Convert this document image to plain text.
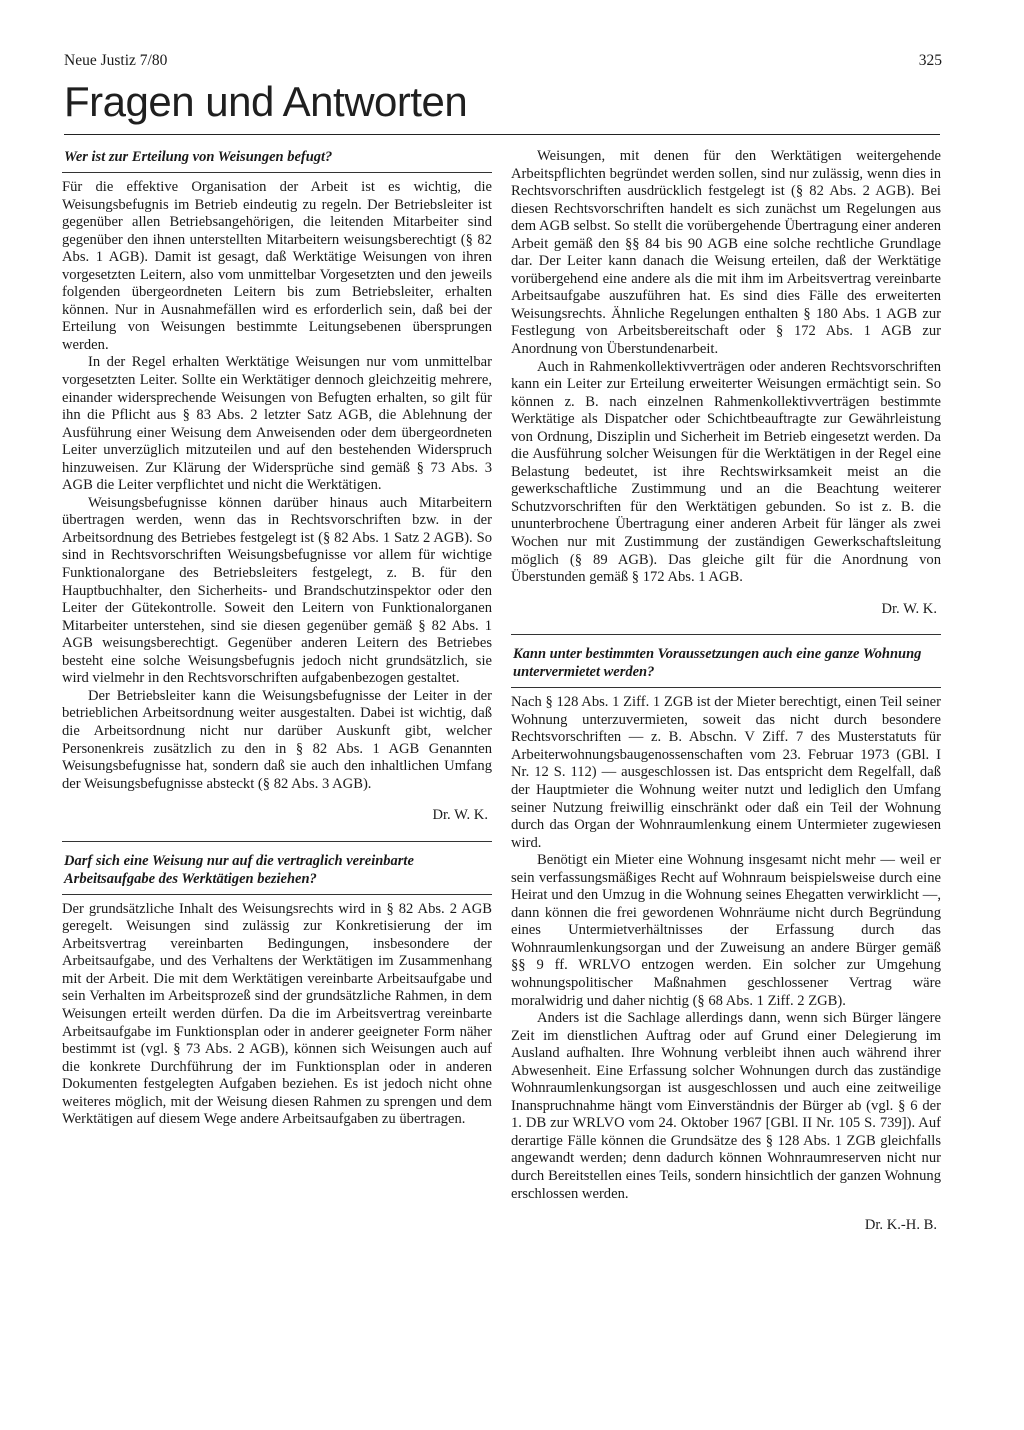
Neue Justiz 7/80	325
Fragen und Antworten
Wer ist zur Erteilung von Weisungen befugt?

Für die effektive Organisation der Arbeit ist es wichtig, die Weisungsbefugnis im Betrieb eindeutig zu regeln. Der Betriebsleiter ist gegenüber allen Betriebsangehörigen, die leitenden Mitarbeiter sind gegenüber den ihnen unterstellten Mitarbeitern weisungsberechtigt (§ 82 Abs. 1 AGB). Damit ist gesagt, daß Werktätige Weisungen von ihren vorgesetzten Leitern, also vom unmittelbar Vorgesetzten und den jeweils folgenden übergeordneten Leitern bis zum Betriebsleiter, erhalten können. Nur in Ausnahmefällen wird es erforderlich sein, daß bei der Erteilung von Weisungen bestimmte Leitungsebenen übersprungen werden.

In der Regel erhalten Werktätige Weisungen nur vom unmittelbar vorgesetzten Leiter. Sollte ein Werktätiger dennoch gleichzeitig mehrere, einander widersprechende Weisungen von Befugten erhalten, so gilt für ihn die Pflicht aus § 83 Abs. 2 letzter Satz AGB, die Ablehnung der Ausführung einer Weisung dem Anweisenden oder dem übergeordneten Leiter unverzüglich mitzuteilen und auf den bestehenden Widerspruch hinzuweisen. Zur Klärung der Widersprüche sind gemäß § 73 Abs. 3 AGB die Leiter verpflichtet und nicht die Werktätigen.

Weisungsbefugnisse können darüber hinaus auch Mitarbeitern übertragen werden, wenn das in Rechtsvorschriften bzw. in der Arbeitsordnung des Betriebes festgelegt ist (§ 82 Abs. 1 Satz 2 AGB). So sind in Rechtsvorschriften Weisungsbefugnisse vor allem für wichtige Funktionalorgane des Betriebsleiters festgelegt, z. B. für den Hauptbuchhalter, den Sicherheits- und Brandschutzinspektor oder den Leiter der Gütekontrolle. Soweit den Leitern von Funktionalorganen Mitarbeiter unterstehen, sind sie diesen gegenüber gemäß § 82 Abs. 1 AGB weisungsberechtigt. Gegenüber anderen Leitern des Betriebes besteht eine solche Weisungsbefugnis jedoch nicht grundsätzlich, sie wird vielmehr in den Rechtsvorschriften aufgabenbezogen gestaltet.

Der Betriebsleiter kann die Weisungsbefugnisse der Leiter in der betrieblichen Arbeitsordnung weiter ausgestalten. Dabei ist wichtig, daß die Arbeitsordnung nicht nur darüber Auskunft gibt, welcher Personenkreis zusätzlich zu den in § 82 Abs. 1 AGB Genannten Weisungsbefugnisse hat, sondern daß sie auch den inhaltlichen Umfang der Weisungsbefugnisse absteckt (§ 82 Abs. 3 AGB).

Dr. W. K.
Darf sich eine Weisung nur auf die vertraglich vereinbarte Arbeitsaufgabe des Werktätigen beziehen?

Der grundsätzliche Inhalt des Weisungsrechts wird in § 82 Abs. 2 AGB geregelt. Weisungen sind zulässig zur Konkretisierung der im Arbeitsvertrag vereinbarten Bedingungen, insbesondere der Arbeitsaufgabe, und des Verhaltens der Werktätigen im Zusammenhang mit der Arbeit. Die mit dem Werktätigen vereinbarte Arbeitsaufgabe und sein Verhalten im Arbeitsprozeß sind der grundsätzliche Rahmen, in dem Weisungen erteilt werden dürfen. Da die im Arbeitsvertrag vereinbarte Arbeitsaufgabe im Funktionsplan oder in anderer geeigneter Form näher bestimmt ist (vgl. § 73 Abs. 2 AGB), können sich Weisungen auch auf die konkrete Durchführung der im Funktionsplan oder in anderen Dokumenten festgelegten Aufgaben beziehen. Es ist jedoch nicht ohne weiteres möglich, mit der Weisung diesen Rahmen zu sprengen und dem Werktätigen auf diesem Wege andere Arbeitsaufgaben zu übertragen.

Weisungen, mit denen für den Werktätigen weitergehende Arbeitspflichten begründet werden sollen, sind nur zulässig, wenn dies in Rechtsvorschriften ausdrücklich festgelegt ist (§ 82 Abs. 2 AGB). Bei diesen Rechtsvorschriften handelt es sich zunächst um Regelungen aus dem AGB selbst. So stellt die vorübergehende Übertragung einer anderen Arbeit gemäß den §§ 84 bis 90 AGB eine solche rechtliche Grundlage dar. Der Leiter kann danach die Weisung erteilen, daß der Werktätige vorübergehend eine andere als die mit ihm im Arbeitsvertrag vereinbarte Arbeitsaufgabe auszuführen hat. Es sind dies Fälle des erweiterten Weisungsrechts. Ähnliche Regelungen enthalten § 180 Abs. 1 AGB zur Festlegung von Arbeitsbereitschaft oder § 172 Abs. 1 AGB zur Anordnung von Überstundenarbeit.

Auch in Rahmenkollektivverträgen oder anderen Rechtsvorschriften kann ein Leiter zur Erteilung erweiterter Weisungen ermächtigt sein. So können z. B. nach einzelnen Rahmenkollektivverträgen bestimmte Werktätige als Dispatcher oder Schichtbeauftragte zur Gewährleistung von Ordnung, Disziplin und Sicherheit im Betrieb eingesetzt werden. Da die Ausführung solcher Weisungen für die Werktätigen in der Regel eine Belastung bedeutet, ist ihre Rechtswirksamkeit meist an die gewerkschaftliche Zustimmung und an die Beachtung weiterer Schutzvorschriften für den Werktätigen gebunden. So ist z. B. die ununterbrochene Übertragung einer anderen Arbeit für länger als zwei Wochen nur mit Zustimmung der zuständigen Gewerkschaftsleitung möglich (§ 89 AGB). Das gleiche gilt für die Anordnung von Überstunden gemäß § 172 Abs. 1 AGB.

Dr. W. K.
Kann unter bestimmten Voraussetzungen auch eine ganze Wohnung untervermietet werden?

Nach § 128 Abs. 1 Ziff. 1 ZGB ist der Mieter berechtigt, einen Teil seiner Wohnung unterzuvermieten, soweit das nicht durch besondere Rechtsvorschriften — z. B. Abschn. V Ziff. 7 des Musterstatuts für Arbeiterwohnungsbaugenossenschaften vom 23. Februar 1973 (GBl. I Nr. 12 S. 112) — ausgeschlossen ist. Das entspricht dem Regelfall, daß der Hauptmieter die Wohnung weiter nutzt und lediglich den Umfang seiner Nutzung freiwillig einschränkt oder daß ein Teil der Wohnung durch das Organ der Wohnraumlenkung einem Untermieter zugewiesen wird.

Benötigt ein Mieter eine Wohnung insgesamt nicht mehr — weil er sein verfassungsmäßiges Recht auf Wohnraum beispielsweise durch eine Heirat und den Umzug in die Wohnung seines Ehegatten verwirklicht —, dann können die frei gewordenen Wohnräume nicht durch Begründung eines Untermietverhältnisses der Erfassung durch das Wohnraumlenkungsorgan und der Zuweisung an andere Bürger gemäß §§ 9 ff. WRLVO entzogen werden. Ein solcher zur Umgehung wohnungspolitischer Maßnahmen geschlossener Vertrag wäre moralwidrig und daher nichtig (§ 68 Abs. 1 Ziff. 2 ZGB).

Anders ist die Sachlage allerdings dann, wenn sich Bürger längere Zeit im dienstlichen Auftrag oder auf Grund einer Delegierung im Ausland aufhalten. Ihre Wohnung verbleibt ihnen auch während ihrer Abwesenheit. Eine Erfassung solcher Wohnungen durch das zuständige Wohnraumlenkungsorgan ist ausgeschlossen und auch eine zeitweilige Inanspruchnahme hängt vom Einverständnis der Bürger ab (vgl. § 6 der 1. DB zur WRLVO vom 24. Oktober 1967 [GBl. II Nr. 105 S. 739]). Auf derartige Fälle können die Grundsätze des § 128 Abs. 1 ZGB gleichfalls angewandt werden; denn dadurch können Wohnraumreserven nicht nur durch Bereitstellen eines Teils, sondern hinsichtlich der ganzen Wohnung erschlossen werden.

Dr. K.-H. B.
